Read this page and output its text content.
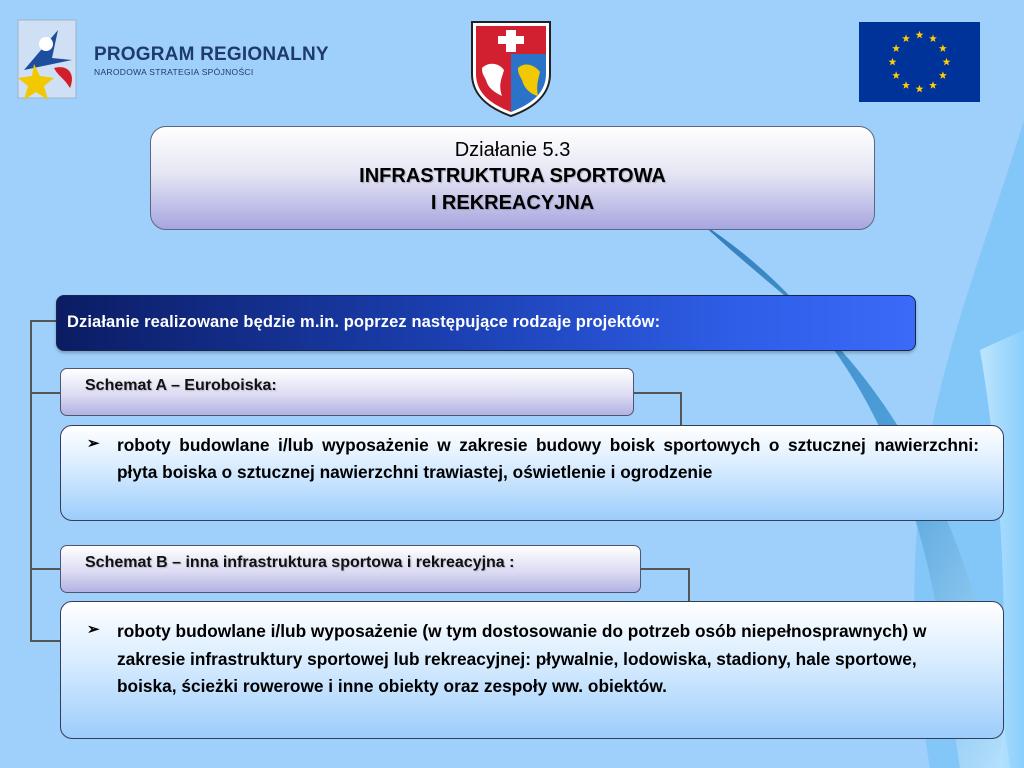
PROGRAM REGIONALNY
NARODOWA STRATEGIA SPÓJNOŚCI
Działanie 5.3
INFRASTRUKTURA SPORTOWA
I REKREACYJNA
Działanie realizowane będzie m.in. poprzez następujące rodzaje projektów:
Schemat A – Euroboiska:
➢	roboty budowlane i/lub wyposażenie w zakresie budowy boisk sportowych o sztucznej nawierzchni: płyta boiska o sztucznej nawierzchni trawiastej, oświetlenie i ogrodzenie
Schemat B – inna infrastruktura sportowa i rekreacyjna :
➢	roboty budowlane i/lub wyposażenie (w tym dostosowanie do potrzeb osób niepełnosprawnych) w zakresie infrastruktury sportowej lub rekreacyjnej: pływalnie, lodowiska, stadiony, hale sportowe, boiska, ścieżki rowerowe i inne obiekty oraz zespoły ww. obiektów.
